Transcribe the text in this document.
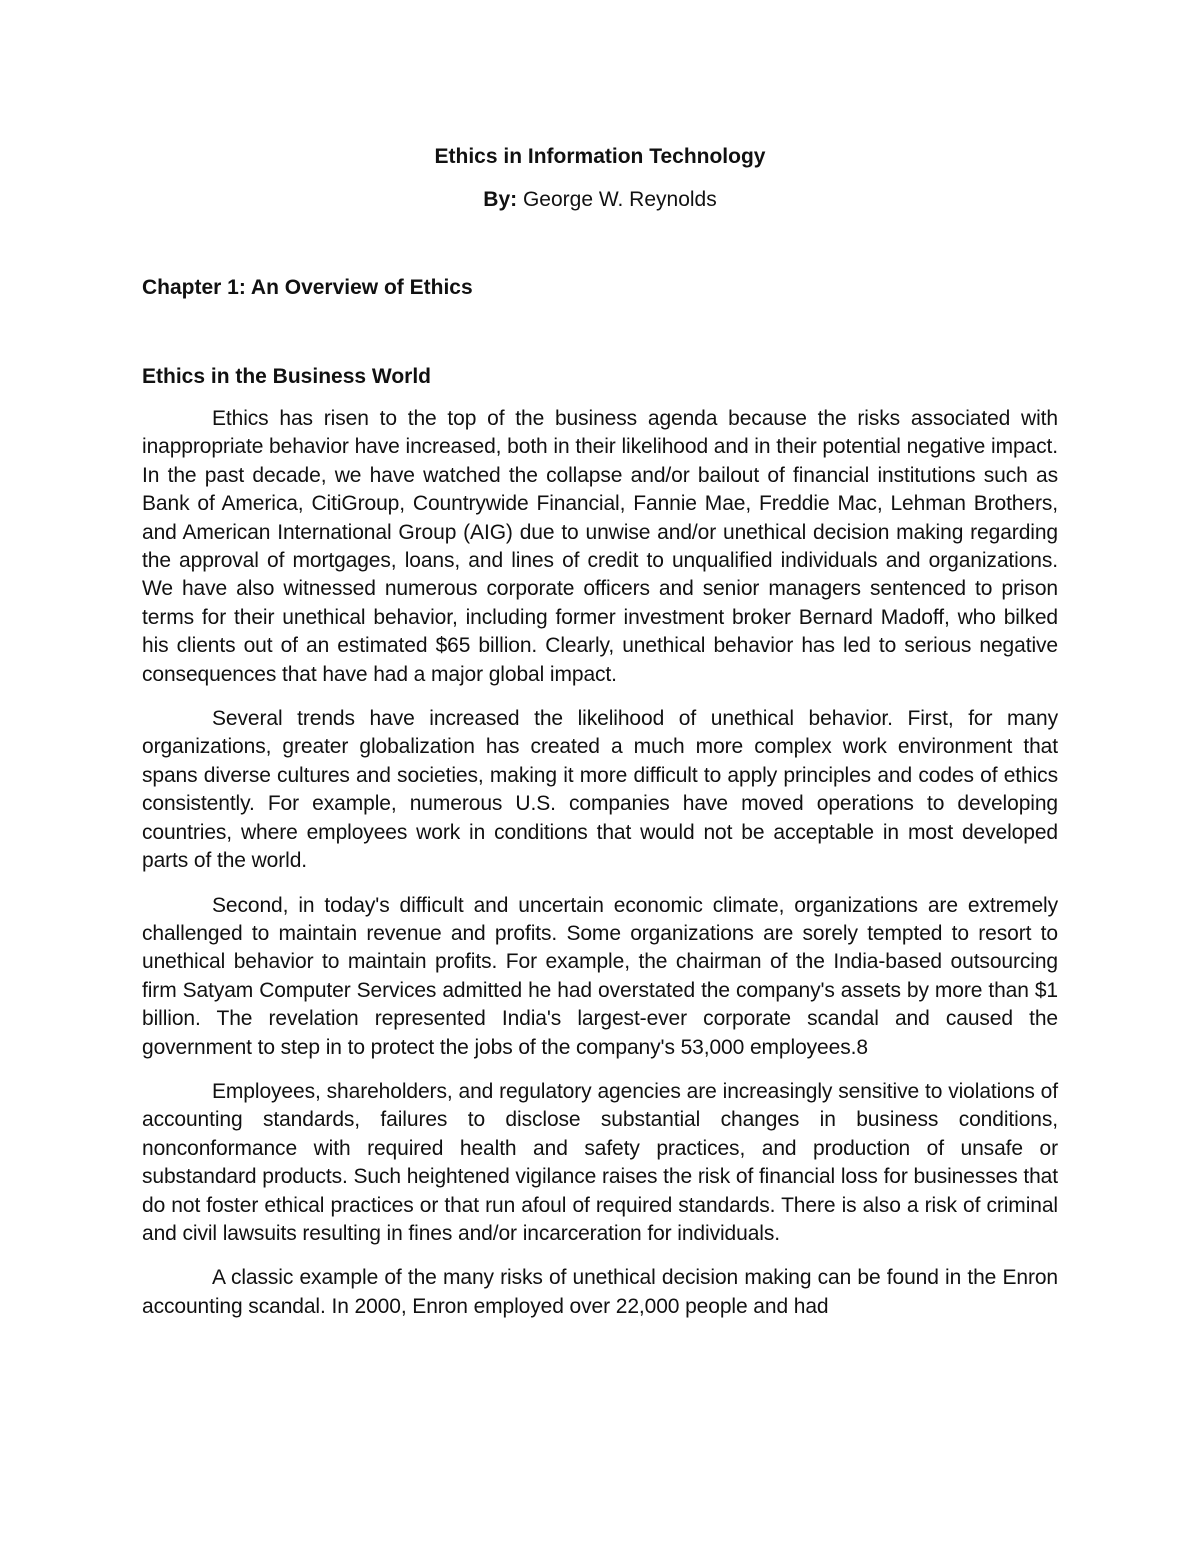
Ethics in Information Technology
By: George W. Reynolds
Chapter 1: An Overview of Ethics
Ethics in the Business World

Ethics has risen to the top of the business agenda because the risks associated with inappropriate behavior have increased, both in their likelihood and in their potential negative impact. In the past decade, we have watched the collapse and/or bailout of financial institutions such as Bank of America, CitiGroup, Countrywide Financial, Fannie Mae, Freddie Mac, Lehman Brothers, and American International Group (AIG) due to unwise and/or unethical decision making regarding the approval of mortgages, loans, and lines of credit to unqualified individuals and organizations. We have also witnessed numerous corporate officers and senior managers sentenced to prison terms for their unethical behavior, including former investment broker Bernard Madoff, who bilked his clients out of an estimated $65 billion. Clearly, unethical behavior has led to serious negative consequences that have had a major global impact.

Several trends have increased the likelihood of unethical behavior. First, for many organizations, greater globalization has created a much more complex work environment that spans diverse cultures and societies, making it more difficult to apply principles and codes of ethics consistently. For example, numerous U.S. companies have moved operations to developing countries, where employees work in conditions that would not be acceptable in most developed parts of the world.

Second, in today's difficult and uncertain economic climate, organizations are extremely challenged to maintain revenue and profits. Some organizations are sorely tempted to resort to unethical behavior to maintain profits. For example, the chairman of the India-based outsourcing firm Satyam Computer Services admitted he had overstated the company's assets by more than $1 billion. The revelation represented India's largest-ever corporate scandal and caused the government to step in to protect the jobs of the company's 53,000 employees.8

Employees, shareholders, and regulatory agencies are increasingly sensitive to violations of accounting standards, failures to disclose substantial changes in business conditions, nonconformance with required health and safety practices, and production of unsafe or substandard products. Such heightened vigilance raises the risk of financial loss for businesses that do not foster ethical practices or that run afoul of required standards. There is also a risk of criminal and civil lawsuits resulting in fines and/or incarceration for individuals.

A classic example of the many risks of unethical decision making can be found in the Enron accounting scandal. In 2000, Enron employed over 22,000 people and had
